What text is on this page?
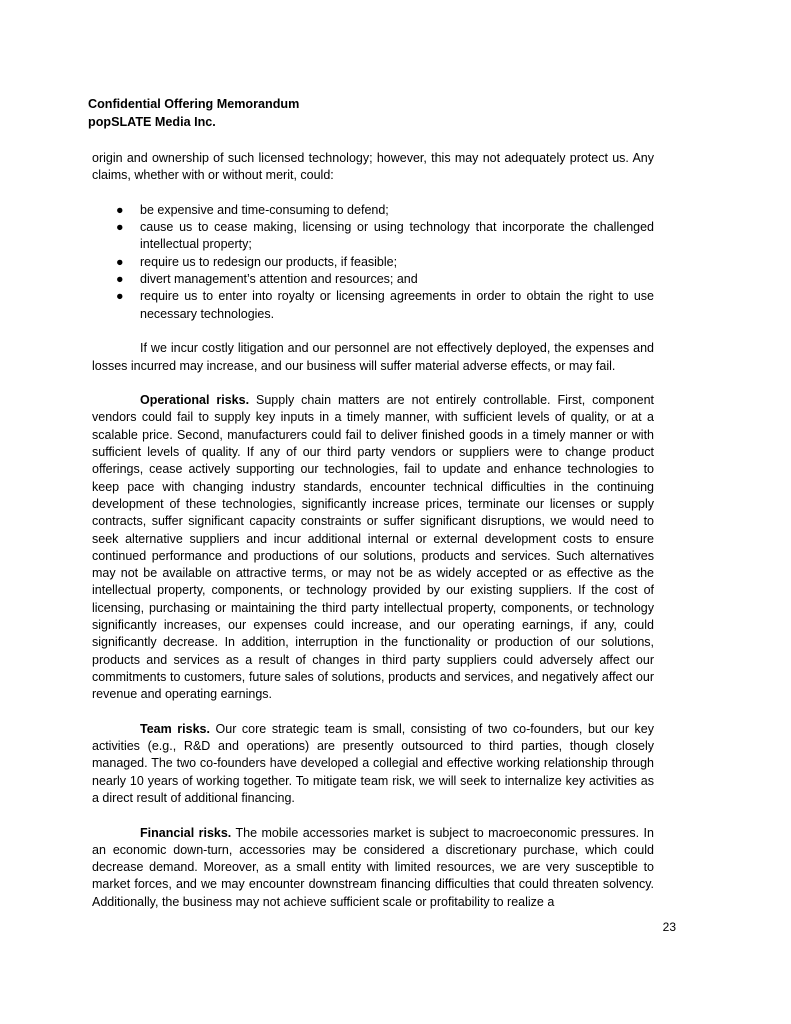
Confidential Offering Memorandum
popSLATE Media Inc.
origin and ownership of such licensed technology; however, this may not adequately protect us. Any claims, whether with or without merit, could:
● be expensive and time-consuming to defend;
● cause us to cease making, licensing or using technology that incorporate the challenged intellectual property;
● require us to redesign our products, if feasible;
● divert management’s attention and resources; and
● require us to enter into royalty or licensing agreements in order to obtain the right to use necessary technologies.
If we incur costly litigation and our personnel are not effectively deployed, the expenses and losses incurred may increase, and our business will suffer material adverse effects, or may fail.
Operational risks. Supply chain matters are not entirely controllable. First, component vendors could fail to supply key inputs in a timely manner, with sufficient levels of quality, or at a scalable price. Second, manufacturers could fail to deliver finished goods in a timely manner or with sufficient levels of quality. If any of our third party vendors or suppliers were to change product offerings, cease actively supporting our technologies, fail to update and enhance technologies to keep pace with changing industry standards, encounter technical difficulties in the continuing development of these technologies, significantly increase prices, terminate our licenses or supply contracts, suffer significant capacity constraints or suffer significant disruptions, we would need to seek alternative suppliers and incur additional internal or external development costs to ensure continued performance and productions of our solutions, products and services. Such alternatives may not be available on attractive terms, or may not be as widely accepted or as effective as the intellectual property, components, or technology provided by our existing suppliers. If the cost of licensing, purchasing or maintaining the third party intellectual property, components, or technology significantly increases, our expenses could increase, and our operating earnings, if any, could significantly decrease. In addition, interruption in the functionality or production of our solutions, products and services as a result of changes in third party suppliers could adversely affect our commitments to customers, future sales of solutions, products and services, and negatively affect our revenue and operating earnings.
Team risks. Our core strategic team is small, consisting of two co-founders, but our key activities (e.g., R&D and operations) are presently outsourced to third parties, though closely managed. The two co-founders have developed a collegial and effective working relationship through nearly 10 years of working together. To mitigate team risk, we will seek to internalize key activities as a direct result of additional financing.
Financial risks. The mobile accessories market is subject to macroeconomic pressures. In an economic down-turn, accessories may be considered a discretionary purchase, which could decrease demand. Moreover, as a small entity with limited resources, we are very susceptible to market forces, and we may encounter downstream financing difficulties that could threaten solvency. Additionally, the business may not achieve sufficient scale or profitability to realize a
23
